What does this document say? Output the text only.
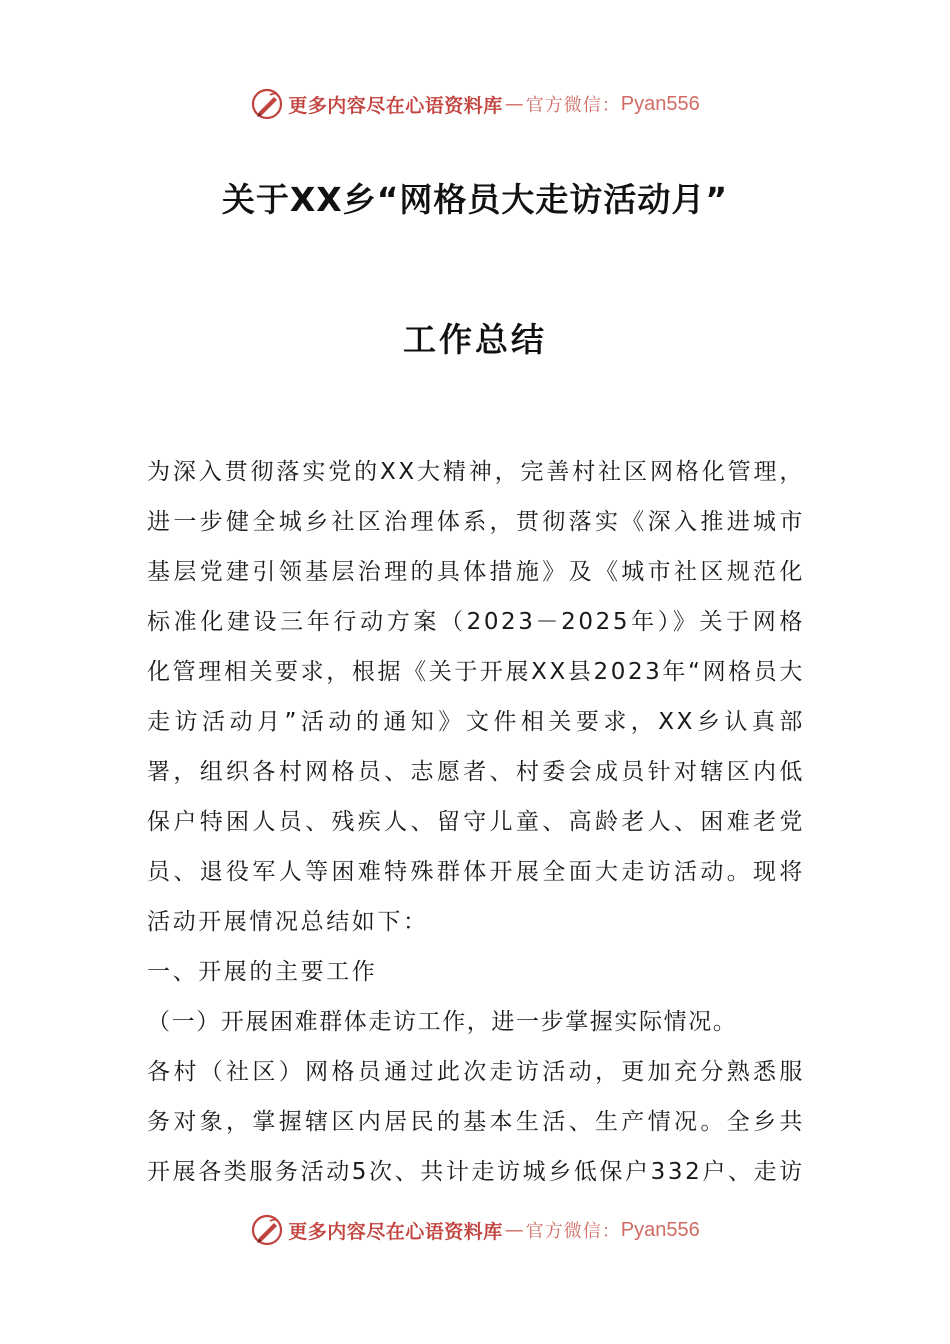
更多内容尽在心语资料库 — 官方微信： Pyan556
关于XX乡“网格员大走访活动月”
工作总结

为深入贯彻落实党的XX大精神，完善村社区网格化管理，进一步健全城乡社区治理体系，贯彻落实《深入推进城市基层党建引领基层治理的具体措施》及《城市社区规范化标准化建设三年行动方案（2023－2025年）》关于网格化管理相关要求，根据《关于开展XX县2023年“网格员大走访活动月”活动的通知》文件相关要求，XX乡认真部署，组织各村网格员、志愿者、村委会成员针对辖区内低保户特困人员、残疾人、留守儿童、高龄老人、困难老党员、退役军人等困难特殊群体开展全面大走访活动。现将活动开展情况总结如下：

一、开展的主要工作

（一）开展困难群体走访工作，进一步掌握实际情况。

各村（社区）网格员通过此次走访活动，更加充分熟悉服务对象，掌握辖区内居民的基本生活、生产情况。全乡共开展各类服务活动5次、共计走访城乡低保户332户、走访

更多内容尽在心语资料库 — 官方微信： Pyan556
